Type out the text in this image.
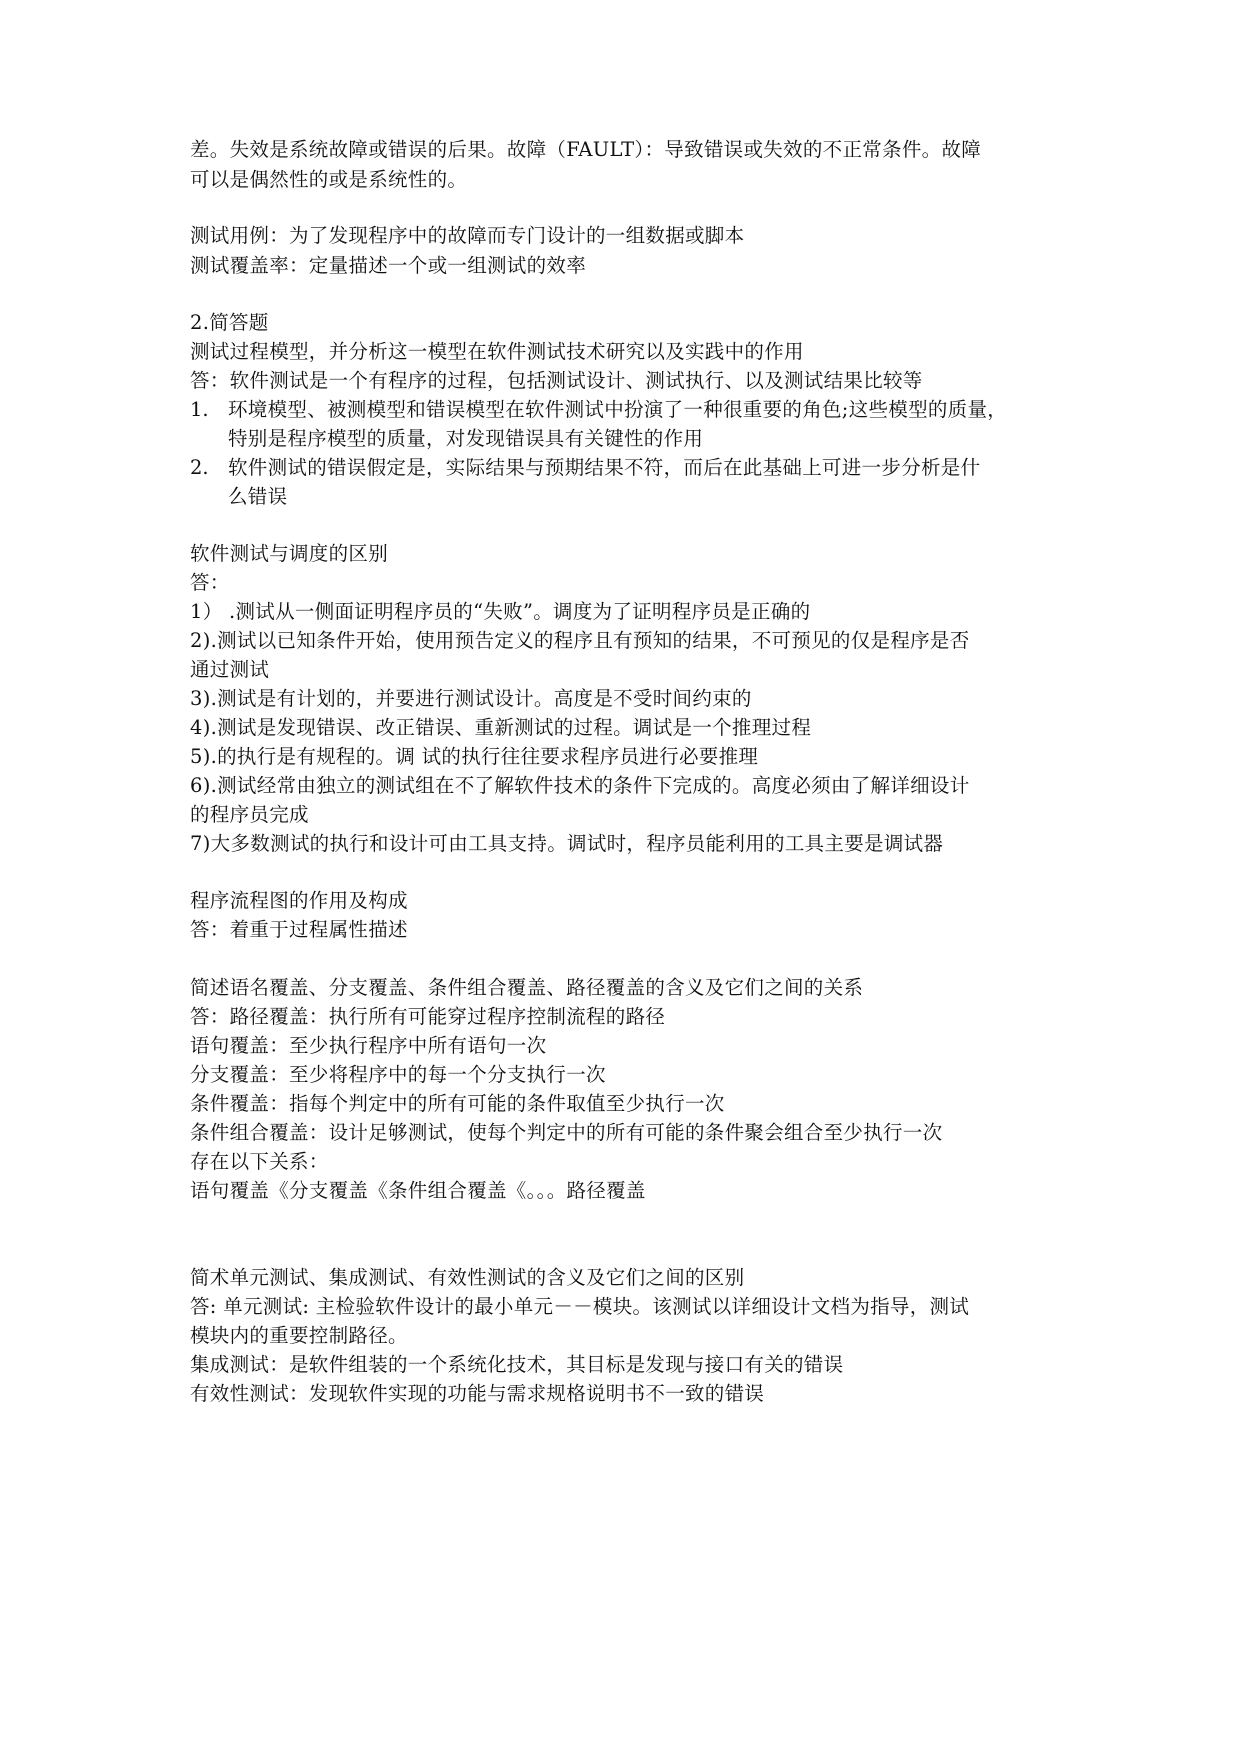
差。失效是系统故障或错误的后果。故障（FAULT）：导致错误或失效的不正常条件。故障
可以是偶然性的或是系统性的。
测试用例：为了发现程序中的故障而专门设计的一组数据或脚本
测试覆盖率：定量描述一个或一组测试的效率
2.简答题
测试过程模型，并分析这一模型在软件测试技术研究以及实践中的作用
答：软件测试是一个有程序的过程，包括测试设计、测试执行、以及测试结果比较等
1. 环境模型、被测模型和错误模型在软件测试中扮演了一种很重要的角色;这些模型的质量，
特别是程序模型的质量，对发现错误具有关键性的作用
2. 软件测试的错误假定是，实际结果与预期结果不符，而后在此基础上可进一步分析是什
么错误
软件测试与调度的区别
答：
1） .测试从一侧面证明程序员的“失败”。调度为了证明程序员是正确的
2).测试以已知条件开始，使用预告定义的程序且有预知的结果，不可预见的仅是程序是否
通过测试
3).测试是有计划的，并要进行测试设计。高度是不受时间约束的
4).测试是发现错误、改正错误、重新测试的过程。调试是一个推理过程
5).的执行是有规程的。调 试的执行往往要求程序员进行必要推理
6).测试经常由独立的测试组在不了解软件技术的条件下完成的。高度必须由了解详细设计
的程序员完成
7)大多数测试的执行和设计可由工具支持。调试时，程序员能利用的工具主要是调试器
程序流程图的作用及构成
答：着重于过程属性描述
简述语名覆盖、分支覆盖、条件组合覆盖、路径覆盖的含义及它们之间的关系
答：路径覆盖：执行所有可能穿过程序控制流程的路径
语句覆盖：至少执行程序中所有语句一次
分支覆盖：至少将程序中的每一个分支执行一次
条件覆盖：指每个判定中的所有可能的条件取值至少执行一次
条件组合覆盖：设计足够测试，使每个判定中的所有可能的条件聚会组合至少执行一次
存在以下关系：
语句覆盖《分支覆盖《条件组合覆盖《。。。路径覆盖
简术单元测试、集成测试、有效性测试的含义及它们之间的区别
答: 单元测试: 主检验软件设计的最小单元－－模块。该测试以详细设计文档为指导，测试
模块内的重要控制路径。
集成测试：是软件组装的一个系统化技术，其目标是发现与接口有关的错误
有效性测试：发现软件实现的功能与需求规格说明书不一致的错误
